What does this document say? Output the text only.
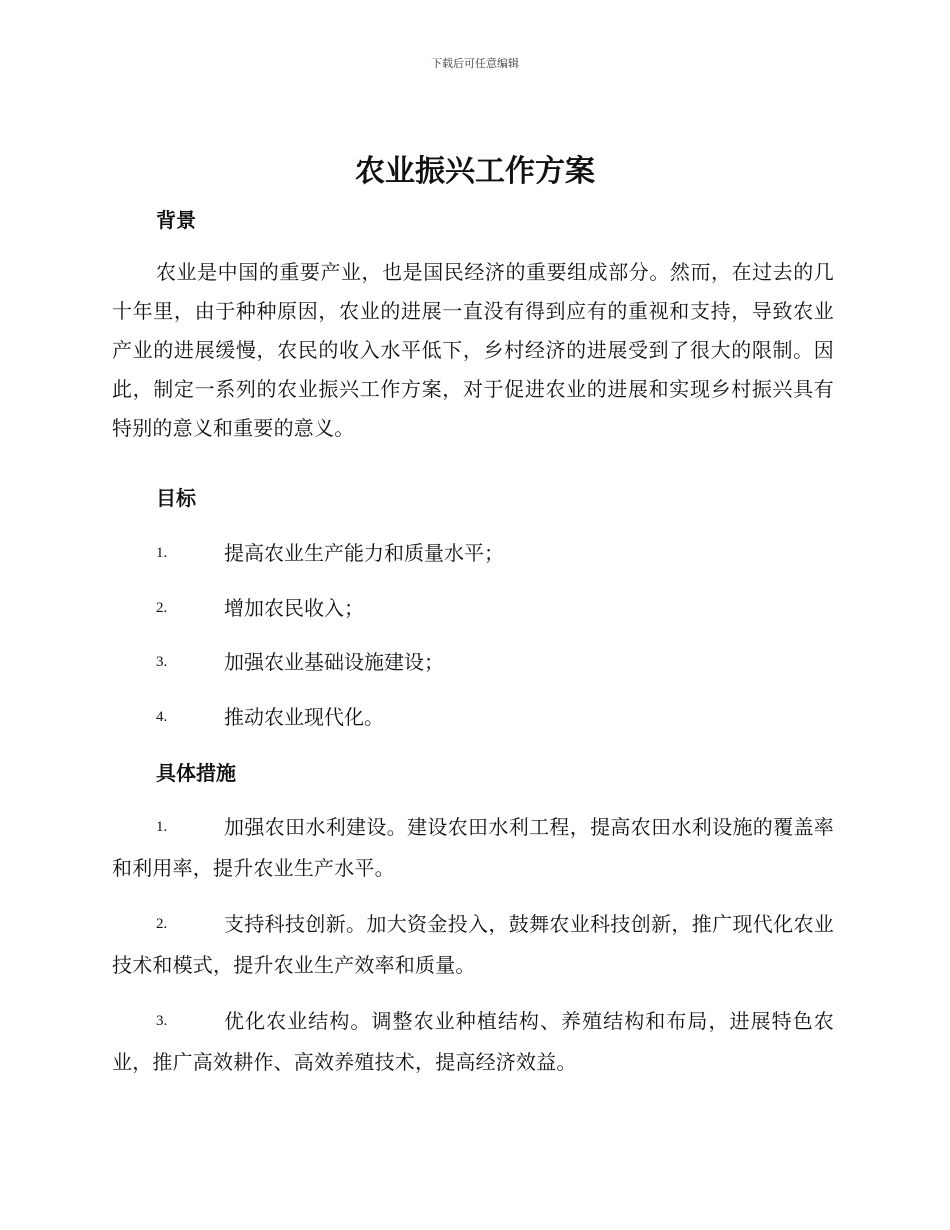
下载后可任意编辑
农业振兴工作方案
背景

农业是中国的重要产业，也是国民经济的重要组成部分。然而，在过去的几十年里，由于种种原因，农业的进展一直没有得到应有的重视和支持，导致农业产业的进展缓慢，农民的收入水平低下，乡村经济的进展受到了很大的限制。因此，制定一系列的农业振兴工作方案，对于促进农业的进展和实现乡村振兴具有特别的意义和重要的意义。

目标
1.	提高农业生产能力和质量水平；
2.	增加农民收入；
3.	加强农业基础设施建设；
4.	推动农业现代化。
具体措施
1.	加强农田水利建设。建设农田水利工程，提高农田水利设施的覆盖率和利用率，提升农业生产水平。
2.	支持科技创新。加大资金投入，鼓舞农业科技创新，推广现代化农业技术和模式，提升农业生产效率和质量。
3.	优化农业结构。调整农业种植结构、养殖结构和布局，进展特色农业，推广高效耕作、高效养殖技术，提高经济效益。
